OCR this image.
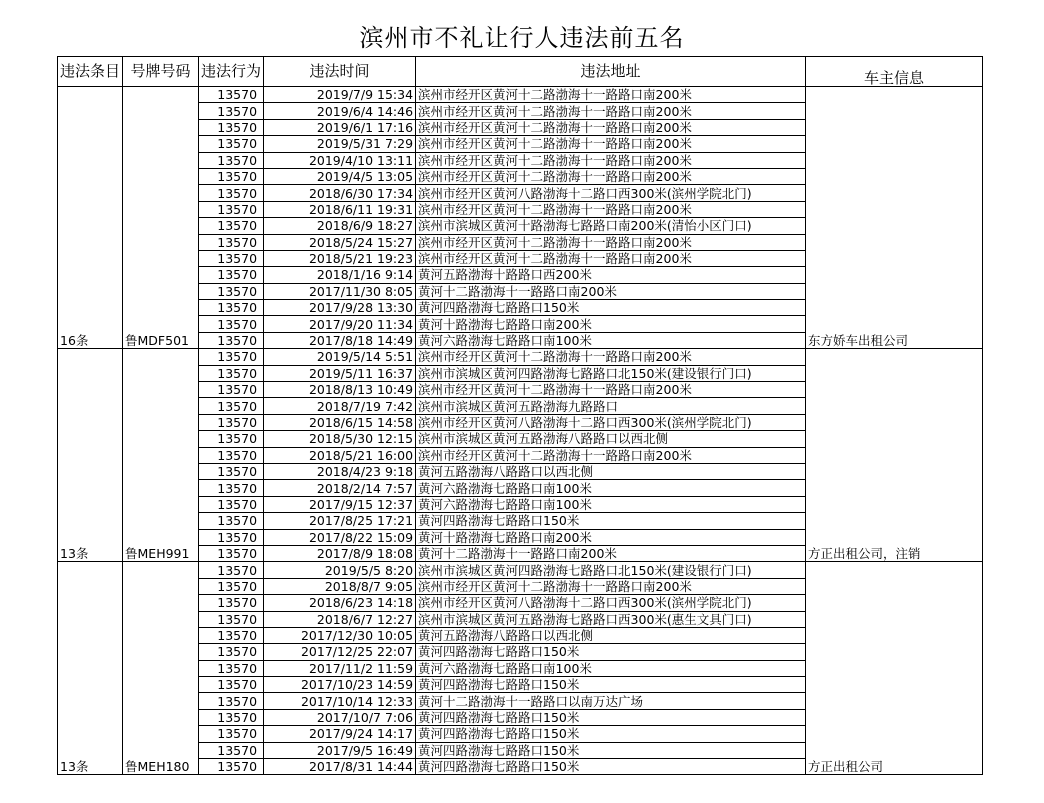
滨州市不礼让行人违法前五名
违法条目	号牌号码	违法行为	违法时间	违法地址	车主信息
16条	鲁MDF501	13570	2019/7/9 15:34	滨州市经开区黄河十二路渤海十一路路口南200米	东方娇车出租公司
		13570	2019/6/4 14:46	滨州市经开区黄河十二路渤海十一路路口南200米	
		13570	2019/6/1 17:16	滨州市经开区黄河十二路渤海十一路路口南200米	
		13570	2019/5/31 7:29	滨州市经开区黄河十二路渤海十一路路口南200米	
		13570	2019/4/10 13:11	滨州市经开区黄河十二路渤海十一路路口南200米	
		13570	2019/4/5 13:05	滨州市经开区黄河十二路渤海十一路路口南200米	
		13570	2018/6/30 17:34	滨州市经开区黄河八路渤海十二路口西300米(滨州学院北门)	
		13570	2018/6/11 19:31	滨州市经开区黄河十二路渤海十一路路口南200米	
		13570	2018/6/9 18:27	滨州市滨城区黄河十路渤海七路路口南200米(清怡小区门口)	
		13570	2018/5/24 15:27	滨州市经开区黄河十二路渤海十一路路口南200米	
		13570	2018/5/21 19:23	滨州市经开区黄河十二路渤海十一路路口南200米	
		13570	2018/1/16 9:14	黄河五路渤海十路路口西200米	
		13570	2017/11/30 8:05	黄河十二路渤海十一路路口南200米	
		13570	2017/9/28 13:30	黄河四路渤海七路路口150米	
		13570	2017/9/20 11:34	黄河十路渤海七路路口南200米	
		13570	2017/8/18 14:49	黄河六路渤海七路路口南100米	
13条	鲁MEH991	13570	2019/5/14 5:51	滨州市经开区黄河十二路渤海十一路路口南200米	方正出租公司，注销
		13570	2019/5/11 16:37	滨州市滨城区黄河四路渤海七路路口北150米(建设银行门口)	
		13570	2018/8/13 10:49	滨州市经开区黄河十二路渤海十一路路口南200米	
		13570	2018/7/19 7:42	滨州市滨城区黄河五路渤海九路路口	
		13570	2018/6/15 14:58	滨州市经开区黄河八路渤海十二路口西300米(滨州学院北门)	
		13570	2018/5/30 12:15	滨州市滨城区黄河五路渤海八路路口以西北侧	
		13570	2018/5/21 16:00	滨州市经开区黄河十二路渤海十一路路口南200米	
		13570	2018/4/23 9:18	黄河五路渤海八路路口以西北侧	
		13570	2018/2/14 7:57	黄河六路渤海七路路口南100米	
		13570	2017/9/15 12:37	黄河六路渤海七路路口南100米	
		13570	2017/8/25 17:21	黄河四路渤海七路路口150米	
		13570	2017/8/22 15:09	黄河十路渤海七路路口南200米	
		13570	2017/8/9 18:08	黄河十二路渤海十一路路口南200米	
13条	鲁MEH180	13570	2019/5/5 8:20	滨州市滨城区黄河四路渤海七路路口北150米(建设银行门口)	方正出租公司
		13570	2018/8/7 9:05	滨州市经开区黄河十二路渤海十一路路口南200米	
		13570	2018/6/23 14:18	滨州市经开区黄河八路渤海十二路口西300米(滨州学院北门)	
		13570	2018/6/7 12:27	滨州市滨城区黄河五路渤海七路路口西300米(惠生文具门口)	
		13570	2017/12/30 10:05	黄河五路渤海八路路口以西北侧	
		13570	2017/12/25 22:07	黄河四路渤海七路路口150米	
		13570	2017/11/2 11:59	黄河六路渤海七路路口南100米	
		13570	2017/10/23 14:59	黄河四路渤海七路路口150米	
		13570	2017/10/14 12:33	黄河十二路渤海十一路路口以南万达广场	
		13570	2017/10/7 7:06	黄河四路渤海七路路口150米	
		13570	2017/9/24 14:17	黄河四路渤海七路路口150米	
		13570	2017/9/5 16:49	黄河四路渤海七路路口150米	
		13570	2017/8/31 14:44	黄河四路渤海七路路口150米	
